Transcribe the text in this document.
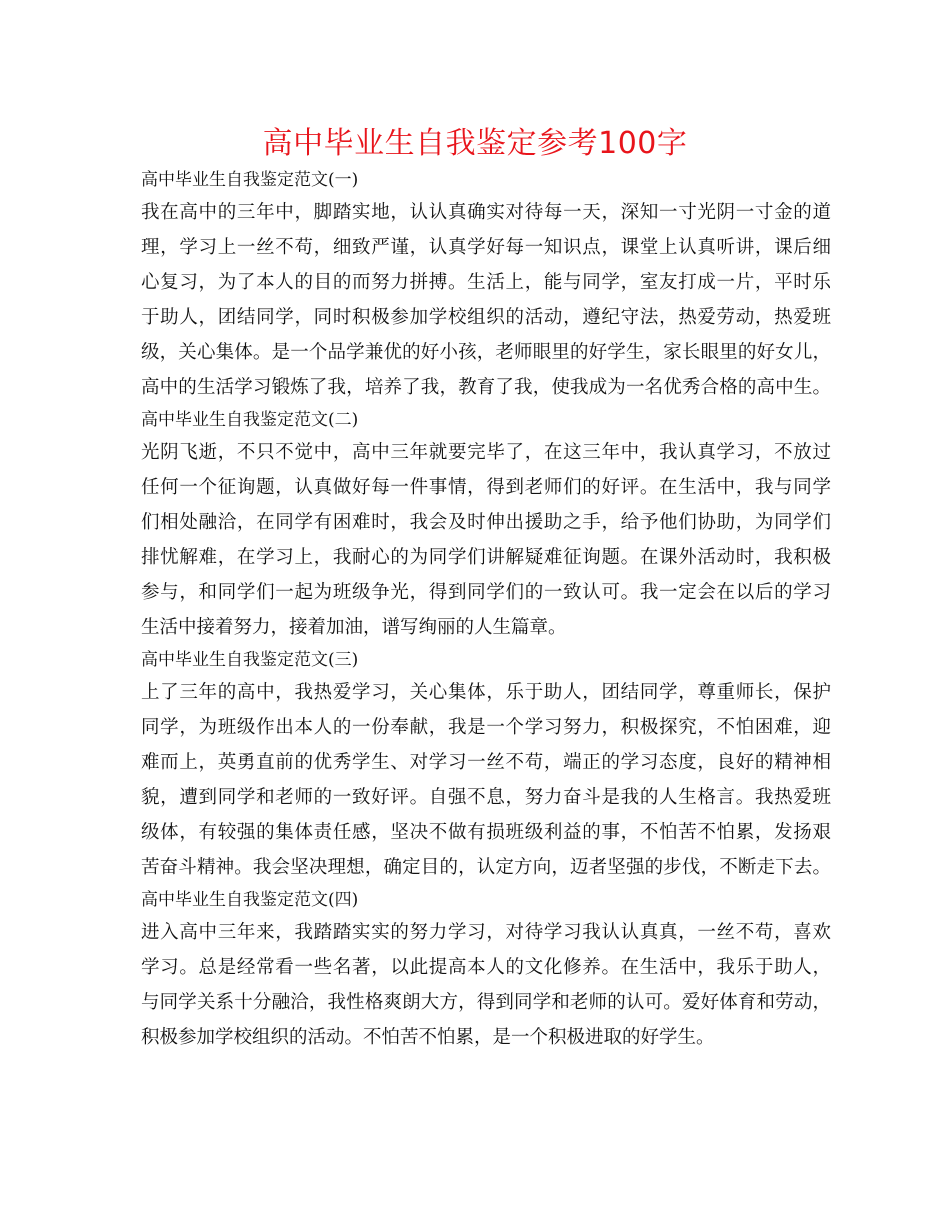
高中毕业生自我鉴定参考100字
高中毕业生自我鉴定范文(一)
我在高中的三年中，脚踏实地，认认真确实对待每一天，深知一寸光阴一寸金的道
理，学习上一丝不苟，细致严谨，认真学好每一知识点，课堂上认真听讲，课后细
心复习，为了本人的目的而努力拼搏。生活上，能与同学，室友打成一片，平时乐
于助人，团结同学，同时积极参加学校组织的活动，遵纪守法，热爱劳动，热爱班
级，关心集体。是一个品学兼优的好小孩，老师眼里的好学生，家长眼里的好女儿，
高中的生活学习锻炼了我，培养了我，教育了我，使我成为一名优秀合格的高中生。
高中毕业生自我鉴定范文(二)
光阴飞逝，不只不觉中，高中三年就要完毕了，在这三年中，我认真学习，不放过
任何一个征询题，认真做好每一件事情，得到老师们的好评。在生活中，我与同学
们相处融洽，在同学有困难时，我会及时伸出援助之手，给予他们协助，为同学们
排忧解难，在学习上，我耐心的为同学们讲解疑难征询题。在课外活动时，我积极
参与，和同学们一起为班级争光，得到同学们的一致认可。我一定会在以后的学习
生活中接着努力，接着加油，谱写绚丽的人生篇章。
高中毕业生自我鉴定范文(三)
上了三年的高中，我热爱学习，关心集体，乐于助人，团结同学，尊重师长，保护
同学，为班级作出本人的一份奉献，我是一个学习努力，积极探究，不怕困难，迎
难而上，英勇直前的优秀学生、对学习一丝不苟，端正的学习态度，良好的精神相
貌，遭到同学和老师的一致好评。自强不息，努力奋斗是我的人生格言。我热爱班
级体，有较强的集体责任感，坚决不做有损班级利益的事，不怕苦不怕累，发扬艰
苦奋斗精神。我会坚决理想，确定目的，认定方向，迈者坚强的步伐，不断走下去。
高中毕业生自我鉴定范文(四)
进入高中三年来，我踏踏实实的努力学习，对待学习我认认真真，一丝不苟，喜欢
学习。总是经常看一些名著，以此提高本人的文化修养。在生活中，我乐于助人，
与同学关系十分融洽，我性格爽朗大方，得到同学和老师的认可。爱好体育和劳动，
积极参加学校组织的活动。不怕苦不怕累，是一个积极进取的好学生。
